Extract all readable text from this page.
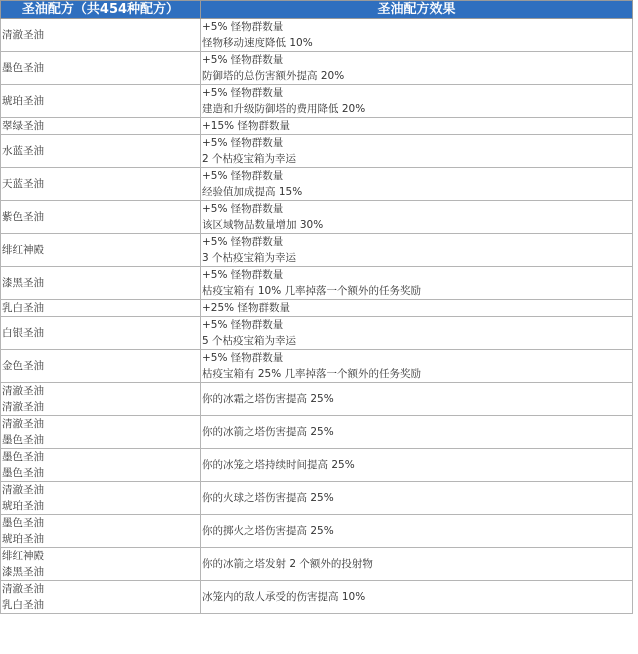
圣油配方（共454种配方）	圣油配方效果

清澈圣油	+5% 怪物群数量
怪物移动速度降低 10%

墨色圣油	+5% 怪物群数量
防御塔的总伤害额外提高 20%

琥珀圣油	+5% 怪物群数量
建造和升级防御塔的费用降低 20%

翠绿圣油	+15% 怪物群数量

水蓝圣油	+5% 怪物群数量
2 个枯疫宝箱为幸运

天蓝圣油	+5% 怪物群数量
经验值加成提高 15%

紫色圣油	+5% 怪物群数量
该区域物品数量增加 30%

绯红神殿	+5% 怪物群数量
3 个枯疫宝箱为幸运

漆黑圣油	+5% 怪物群数量
枯疫宝箱有 10% 几率掉落一个额外的任务奖励

乳白圣油	+25% 怪物群数量

白银圣油	+5% 怪物群数量
5 个枯疫宝箱为幸运

金色圣油	+5% 怪物群数量
枯疫宝箱有 25% 几率掉落一个额外的任务奖励

清澈圣油
清澈圣油	你的冰霜之塔伤害提高 25%

清澈圣油
墨色圣油	你的冰箭之塔伤害提高 25%

墨色圣油
墨色圣油	你的冰笼之塔持续时间提高 25%

清澈圣油
琥珀圣油	你的火球之塔伤害提高 25%

墨色圣油
琥珀圣油	你的掷火之塔伤害提高 25%

绯红神殿
漆黑圣油	你的冰箭之塔发射 2 个额外的投射物

清澈圣油
乳白圣油	冰笼内的敌人承受的伤害提高 10%
